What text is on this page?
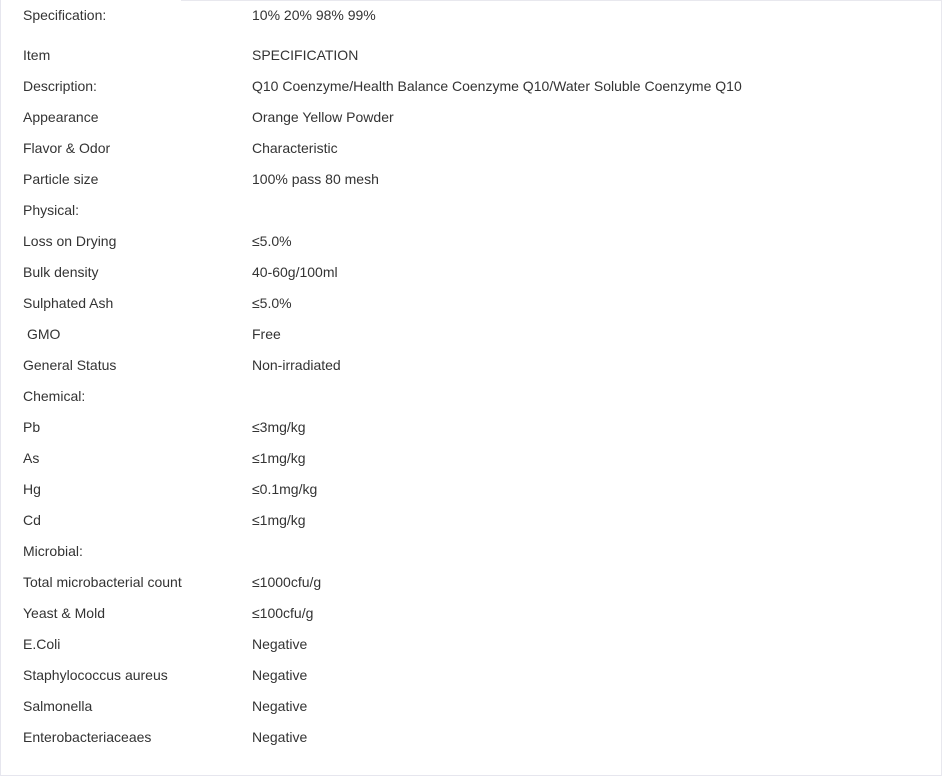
Specification:	10% 20% 98% 99%
Item	SPECIFICATION
Description:	Q10 Coenzyme/Health Balance Coenzyme Q10/Water Soluble Coenzyme Q10
Appearance	Orange Yellow Powder
Flavor & Odor	Characteristic
Particle size	100% pass 80 mesh
Physical:
Loss on Drying	≤5.0%
Bulk density	40-60g/100ml
Sulphated Ash	≤5.0%
GMO	Free
General Status	Non-irradiated
Chemical:
Pb	≤3mg/kg
As	≤1mg/kg
Hg	≤0.1mg/kg
Cd	≤1mg/kg
Microbial:
Total microbacterial count	≤1000cfu/g
Yeast & Mold	≤100cfu/g
E.Coli	Negative
Staphylococcus aureus	Negative
Salmonella	Negative
Enterobacteriaceaes	Negative
